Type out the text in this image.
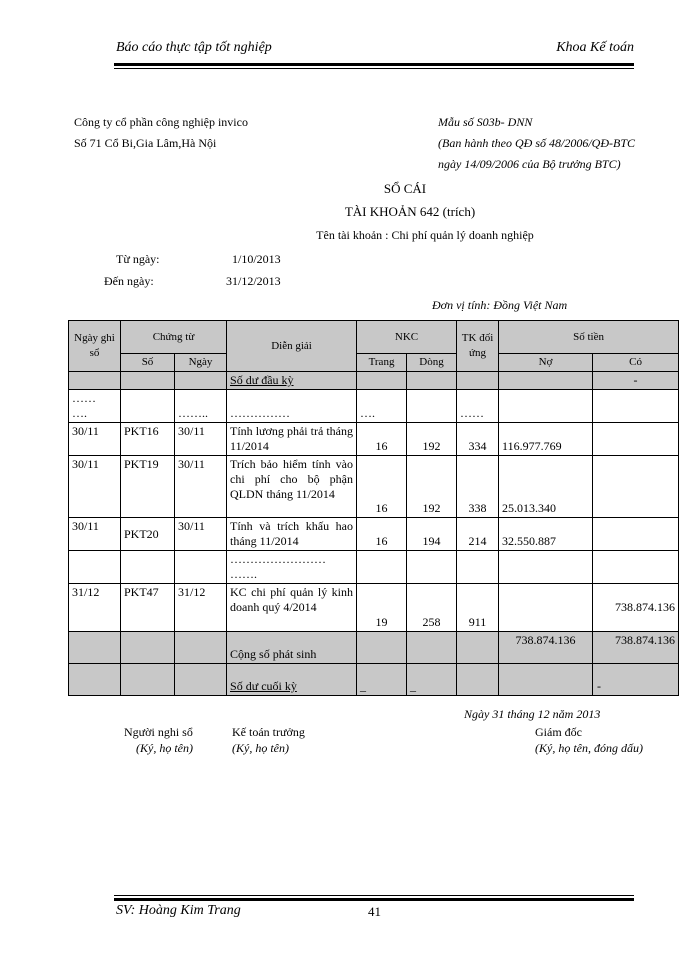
Báo cáo thực tập tốt nghiệp	Khoa Kế toán
Công ty cổ phần công nghiệp invico
Số 71 Cổ Bi,Gia Lâm,Hà Nội
Mẫu số S03b- DNN
(Ban hành theo QĐ số 48/2006/QĐ-BTC
ngày 14/09/2006 của Bộ trưởng BTC)
SỔ CÁI
TÀI KHOẢN 642 (trích)
Tên tài khoản : Chi phí quản lý doanh nghiệp
Từ ngày:	1/10/2013
Đến ngày:	31/12/2013
Đơn vị tính: Đồng Việt Nam
Ngày ghi sổ	Chứng từ		Diễn giải	NKC		TK đối ứng	Số tiền	
	Số	Ngày		Trang	Dòng		Nợ	Có
			Số dư đầu kỳ					-
……
….		……..	……………	….		……		
30/11	PKT16	30/11	Tính lương phải trả tháng 11/2014	16	192	334	116.977.769	
30/11	PKT19	30/11	Trích bảo hiểm tính vào chi phí cho bộ phận QLDN tháng 11/2014	16	192	338	25.013.340	
30/11	PKT20	30/11	Tính và trích khấu hao tháng 11/2014	16	194	214	32.550.887	
			……………………
…….					
31/12	PKT47	31/12	KC chi phí quản lý kinh doanh quý 4/2014	19	258	911		738.874.136
			Cộng số phát sinh				738.874.136	738.874.136
			Số dư cuối kỳ	_	_			-
Ngày 31 tháng 12 năm 2013
Người nghi sổ
(Ký, họ tên)
Kế toán trưởng
(Ký, họ tên)
Giám đốc
(Ký, họ tên, đóng dấu)
SV: Hoàng Kim Trang	41
